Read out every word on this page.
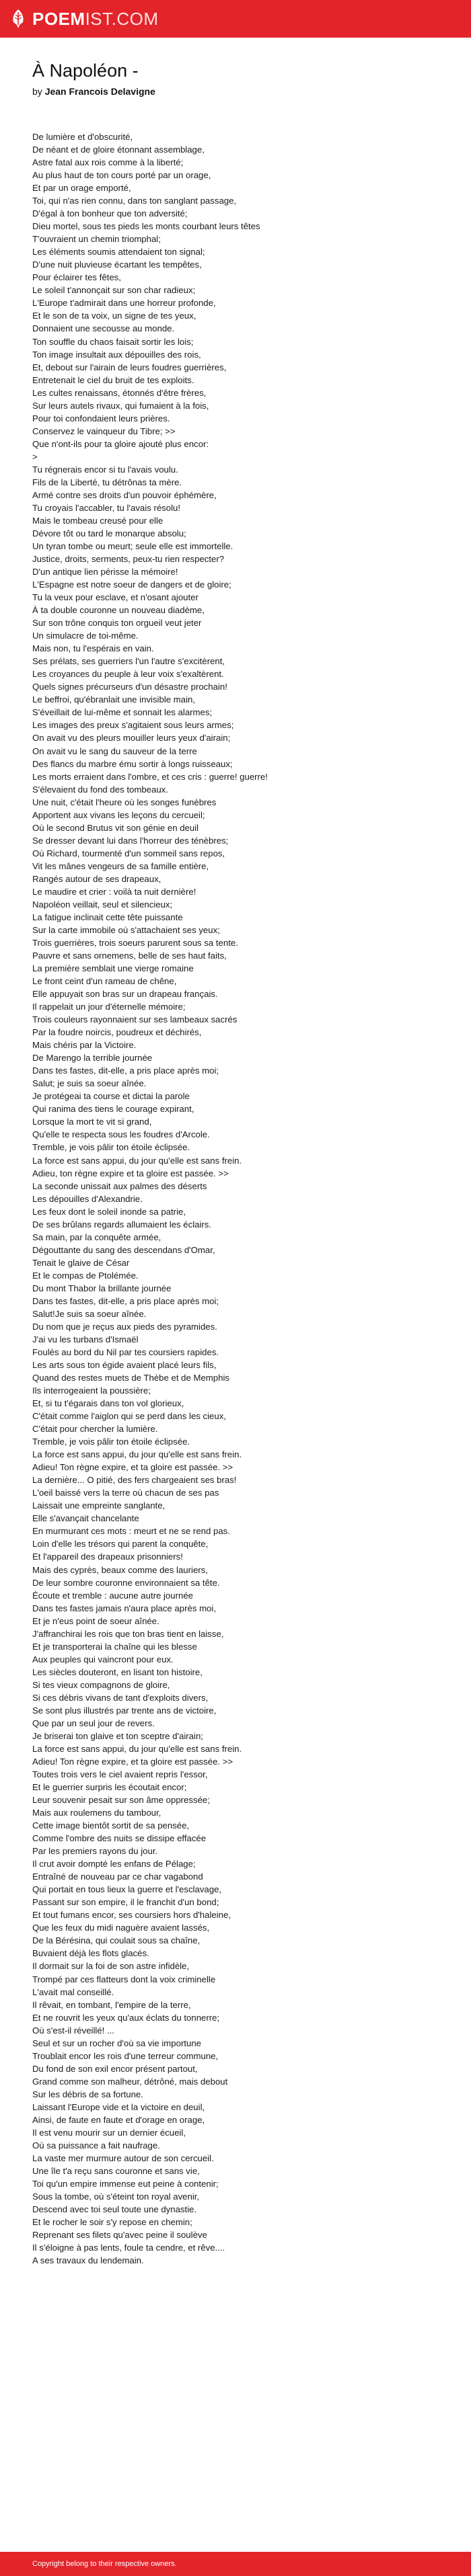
POEMIST.COM
À Napoléon -
by Jean Francois Delavigne
De lumière et d'obscurité,
De néant et de gloire étonnant assemblage,
Astre fatal aux rois comme à la liberté;
Au plus haut de ton cours porté par un orage,
Et par un orage emporté,
Toi, qui n'as rien connu, dans ton sanglant passage,
D'égal à ton bonheur que ton adversité;
Dieu mortel, sous tes pieds les monts courbant leurs têtes
T'ouvraient un chemin triomphal;
Les éléments soumis attendaient ton signal;
D'une nuit pluvieuse écartant les tempêtes,
Pour éclairer tes fêtes,
Le soleil t'annonçait sur son char radieux;
L'Europe t'admirait dans une horreur profonde,
Et le son de ta voix, un signe de tes yeux,
Donnaient une secousse au monde.
Ton souffle du chaos faisait sortir les lois;
Ton image insultait aux dépouilles des rois,
Et, debout sur l'airain de leurs foudres guerrières,
Entretenait le ciel du bruit de tes exploits.
Les cultes renaissans, étonnés d'être frères,
Sur leurs autels rivaux, qui fumaient à la fois,
Pour toi confondaient leurs prières.
Conservez le vainqueur du Tibre; >>
Que n'ont-ils pour ta gloire ajouté plus encor:
>
Tu régnerais encor si tu l'avais voulu.
Fils de la Liberté, tu détrônas ta mère.
Armé contre ses droits d'un pouvoir éphémère,
Tu croyais l'accabler, tu l'avais résolu!
Mais le tombeau creusé pour elle
Dévore tôt ou tard le monarque absolu;
Un tyran tombe ou meurt; seule elle est immortelle.
Justice, droits, serments, peux-tu rien respecter?
D'un antique lien périsse la mémoire!
L'Espagne est notre soeur de dangers et de gloire;
Tu la veux pour esclave, et n'osant ajouter
À ta double couronne un nouveau diadème,
Sur son trône conquis ton orgueil veut jeter
Un simulacre de toi-même.
Mais non, tu l'espérais en vain.
Ses prélats, ses guerriers l'un l'autre s'excitèrent,
Les croyances du peuple à leur voix s'exaltèrent.
Quels signes précurseurs d'un désastre prochain!
Le beffroi, qu'ébranlait une invisible main,
S'éveillait de lui-même et sonnait les alarmes;
Les images des preux s'agitaient sous leurs armes;
On avait vu des pleurs mouiller leurs yeux d'airain;
On avait vu le sang du sauveur de la terre
Des flancs du marbre ému sortir à longs ruisseaux;
Les morts erraient dans l'ombre, et ces cris : guerre! guerre!
S'élevaient du fond des tombeaux.
Une nuit, c'était l'heure où les songes funèbres
Apportent aux vivans les leçons du cercueil;
Où le second Brutus vit son génie en deuil
Se dresser devant lui dans l'horreur des ténèbres;
Où Richard, tourmenté d'un sommeil sans repos,
Vit les mânes vengeurs de sa famille entière,
Rangés autour de ses drapeaux,
Le maudire et crier : voilà ta nuit dernière!
Napoléon veillait, seul et silencieux;
La fatigue inclinait cette tête puissante
Sur la carte immobile où s'attachaient ses yeux;
Trois guerrières, trois soeurs parurent sous sa tente.
Pauvre et sans ornemens, belle de ses haut faits,
La première semblait une vierge romaine
Le front ceint d'un rameau de chêne,
Elle appuyait son bras sur un drapeau français.
Il rappelait un jour d'éternelle mémoire;
Trois couleurs rayonnaient sur ses lambeaux sacrés
Par la foudre noircis, poudreux et déchirés,
Mais chéris par la Victoire.
De Marengo la terrible journée
Dans tes fastes, dit-elle, a pris place après moi;
Salut; je suis sa soeur aînée.
Je protégeai ta course et dictai la parole
Qui ranima des tiens le courage expirant,
Lorsque la mort te vit si grand,
Qu'elle te respecta sous les foudres d'Arcole.
Tremble, je vois pâlir ton étoile éclipsée.
La force est sans appui, du jour qu'elle est sans frein.
Adieu, ton règne expire et ta gloire est passée. >>
La seconde unissait aux palmes des déserts
Les dépouilles d'Alexandrie.
Les feux dont le soleil inonde sa patrie,
De ses brûlans regards allumaient les éclairs.
Sa main, par la conquête armée,
Dégouttante du sang des descendans d'Omar,
Tenait le glaive de César
Et le compas de Ptolémée.
Du mont Thabor la brillante journée
Dans tes fastes, dit-elle, a pris place après moi;
Salut!Je suis sa soeur aînée.
Du nom que je reçus aux pieds des pyramides.
J'ai vu les turbans d'Ismaël
Foulés au bord du Nil par tes coursiers rapides.
Les arts sous ton égide avaient placé leurs fils,
Quand des restes muets de Thèbe et de Memphis
Ils interrogeaient la poussière;
Et, si tu t'égarais dans ton vol glorieux,
C'était comme l'aiglon qui se perd dans les cieux,
C'était pour chercher la lumière.
Tremble, je vois pâlir ton étoile éclipsée.
La force est sans appui, du jour qu'elle est sans frein.
Adieu! Ton règne expire, et ta gloire est passée. >>
La dernière... O pitié, des fers chargeaient ses bras!
L'oeil baissé vers la terre où chacun de ses pas
Laissait une empreinte sanglante,
Elle s'avançait chancelante
En murmurant ces mots : meurt et ne se rend pas.
Loin d'elle les trésors qui parent la conquête,
Et l'appareil des drapeaux prisonniers!
Mais des cyprès, beaux comme des lauriers,
De leur sombre couronne environnaient sa tête.
Écoute et tremble : aucune autre journée
Dans tes fastes jamais n'aura place après moi,
Et je n'eus point de soeur aînée.
J'affranchirai les rois que ton bras tient en laisse,
Et je transporterai la chaîne qui les blesse
Aux peuples qui vaincront pour eux.
Les siècles douteront, en lisant ton histoire,
Si tes vieux compagnons de gloire,
Si ces débris vivans de tant d'exploits divers,
Se sont plus illustrés par trente ans de victoire,
Que par un seul jour de revers.
Je briserai ton glaive et ton sceptre d'airain;
La force est sans appui, du jour qu'elle est sans frein.
Adieu! Ton règne expire, et ta gloire est passée. >>
Toutes trois vers le ciel avaient repris l'essor,
Et le guerrier surpris les écoutait encor;
Leur souvenir pesait sur son âme oppressée;
Mais aux roulemens du tambour,
Cette image bientôt sortit de sa pensée,
Comme l'ombre des nuits se dissipe effacée
Par les premiers rayons du jour.
Il crut avoir dompté les enfans de Pélage;
Entraîné de nouveau par ce char vagabond
Qui portait en tous lieux la guerre et l'esclavage,
Passant sur son empire, il le franchit d'un bond;
Et tout fumans encor, ses coursiers hors d'haleine,
Que les feux du midi naguère avaient lassés,
De la Bérésina, qui coulait sous sa chaîne,
Buvaient déjà les flots glacés.
Il dormait sur la foi de son astre infidèle,
Trompé par ces flatteurs dont la voix criminelle
L'avait mal conseillé.
Il rêvait, en tombant, l'empire de la terre,
Et ne rouvrit les yeux qu'aux éclats du tonnerre;
Où s'est-il réveillé! ...
Seul et sur un rocher d'où sa vie importune
Troublait encor les rois d'une terreur commune,
Du fond de son exil encor présent partout,
Grand comme son malheur, détrôné, mais debout
Sur les débris de sa fortune.
Laissant l'Europe vide et la victoire en deuil,
Ainsi, de faute en faute et d'orage en orage,
Il est venu mourir sur un dernier écueil,
Où sa puissance a fait naufrage.
La vaste mer murmure autour de son cercueil.
Une île t'a reçu sans couronne et sans vie,
Toi qu'un empire immense eut peine à contenir;
Sous la tombe, où s'éteint ton royal avenir,
Descend avec toi seul toute une dynastie.
Et le rocher le soir s'y repose en chemin;
Reprenant ses filets qu'avec peine il soulève
Il s'éloigne à pas lents, foule ta cendre, et rêve....
A ses travaux du lendemain.
Copyright belong to their respective owners.
